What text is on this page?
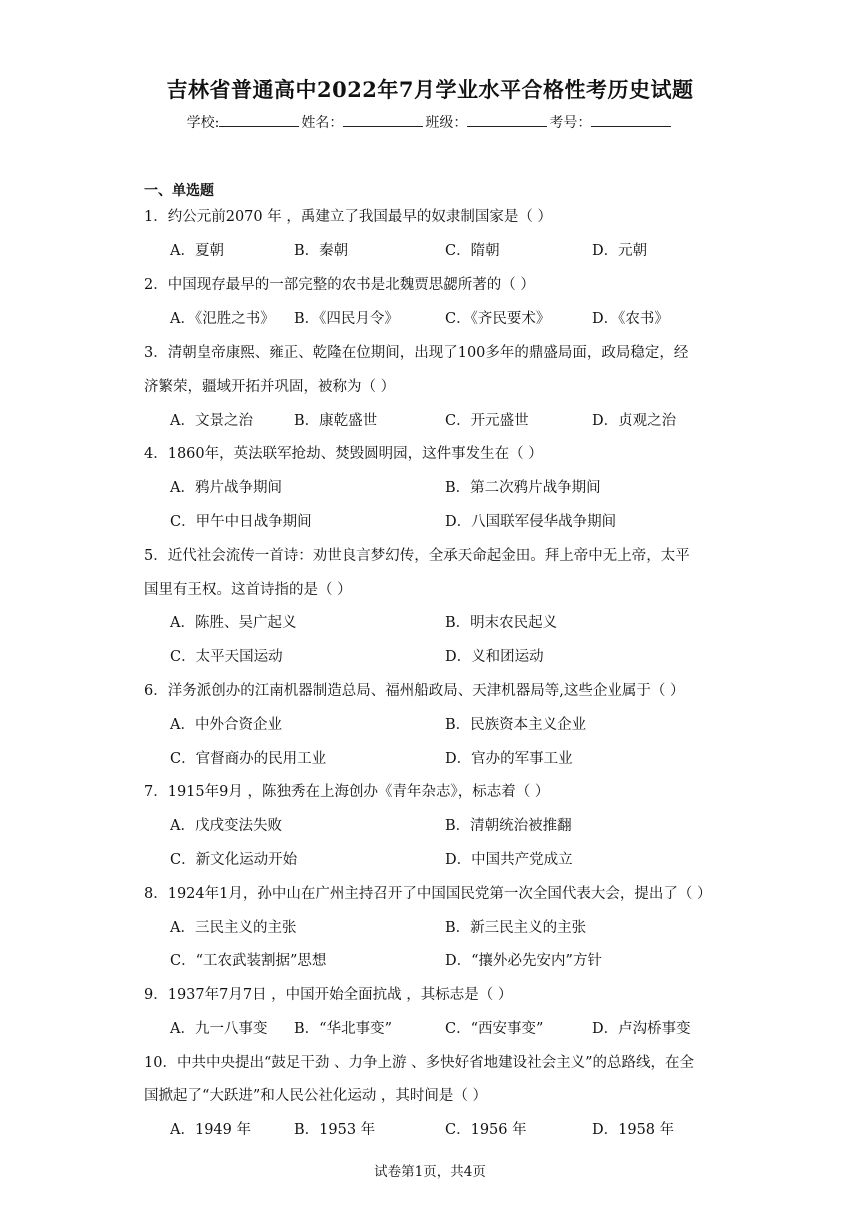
吉林省普通高中2022年7月学业水平合格性考历史试题
学校:	姓名：	班级：	考号：
一、单选题
1．约公元前2070 年 ，禹建立了我国最早的奴隶制国家是（ ）
A．夏朝	B．秦朝	C．隋朝	D．元朝
2．中国现存最早的一部完整的农书是北魏贾思勰所著的（ ）
A．《氾胜之书》 B．《四民月令》	C．《齐民要术》	D．《农书》
3．清朝皇帝康熙、雍正、乾隆在位期间，出现了100多年的鼎盛局面，政局稳定，经
济繁荣，疆域开拓并巩固，被称为（ ）
A．文景之治	B．康乾盛世	C．开元盛世	D．贞观之治
4．1860年，英法联军抢劫、焚毁圆明园，这件事发生在（ ）
A．鸦片战争期间	B．第二次鸦片战争期间
C．甲午中日战争期间	D．八国联军侵华战争期间
5．近代社会流传一首诗：劝世良言梦幻传，全承天命起金田。拜上帝中无上帝，太平
国里有王权。这首诗指的是（ ）
A．陈胜、吴广起义	B．明末农民起义
C．太平天国运动	D．义和团运动
6．洋务派创办的江南机器制造总局、福州船政局、天津机器局等,这些企业属于（ ）
A．中外合资企业	B．民族资本主义企业
C．官督商办的民用工业	D．官办的军事工业
7．1915年9月 ，陈独秀在上海创办《青年杂志》，标志着（ ）
A．戊戌变法失败	B．清朝统治被推翻
C．新文化运动开始	D．中国共产党成立
8．1924年1月，孙中山在广州主持召开了中国国民党第一次全国代表大会，提出了（ ）
A．三民主义的主张	B．新三民主义的主张
C．“工农武装割据”思想	D．“攘外必先安内”方针
9．1937年7月7日 ，中国开始全面抗战 ，其标志是（ ）
A．九一八事变 B．“华北事变”	C．“西安事变”	D．卢沟桥事变
10．中共中央提出“鼓足干劲 、力争上游 、多快好省地建设社会主义”的总路线，在全
国掀起了“大跃进”和人民公社化运动 ，其时间是（ ）
A．1949 年	B．1953 年	C．1956 年	D．1958 年
试卷第1页，共4页
